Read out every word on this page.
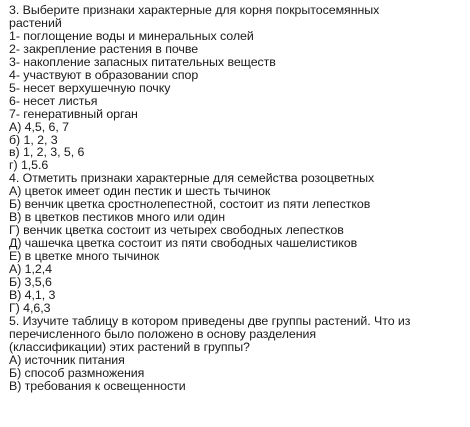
3. Выберите признаки характерные для корня покрытосемянных
растений
1- поглощение воды и минеральных солей
2- закрепление растения в почве
3- накопление запасных питательных веществ
4- участвуют в образовании спор
5- несет верхушечную почку
6- несет листья
7- генеративный орган
А) 4,5, 6, 7
б) 1, 2, 3
в) 1, 2, 3, 5, 6
г) 1,5.6
4. Отметить признаки характерные для семейства розоцветных
А) цветок имеет один пестик и шесть тычинок
Б) венчик цветка сростнолепестной, состоит из пяти лепестков
В) в цветков пестиков много или один
Г) венчик цветка состоит из четырех свободных лепестков
Д) чашечка цветка состоит из пяти свободных чашелистиков
Е) в цветке много тычинок
А) 1,2,4
Б) 3,5,6
В) 4,1, 3
Г) 4,6,3
5. Изучите таблицу в котором приведены две группы растений. Что из
перечисленного было положено в основу разделения
(классификации) этих растений в группы?
А) источник питания
Б) способ размножения
В) требования к освещенности
